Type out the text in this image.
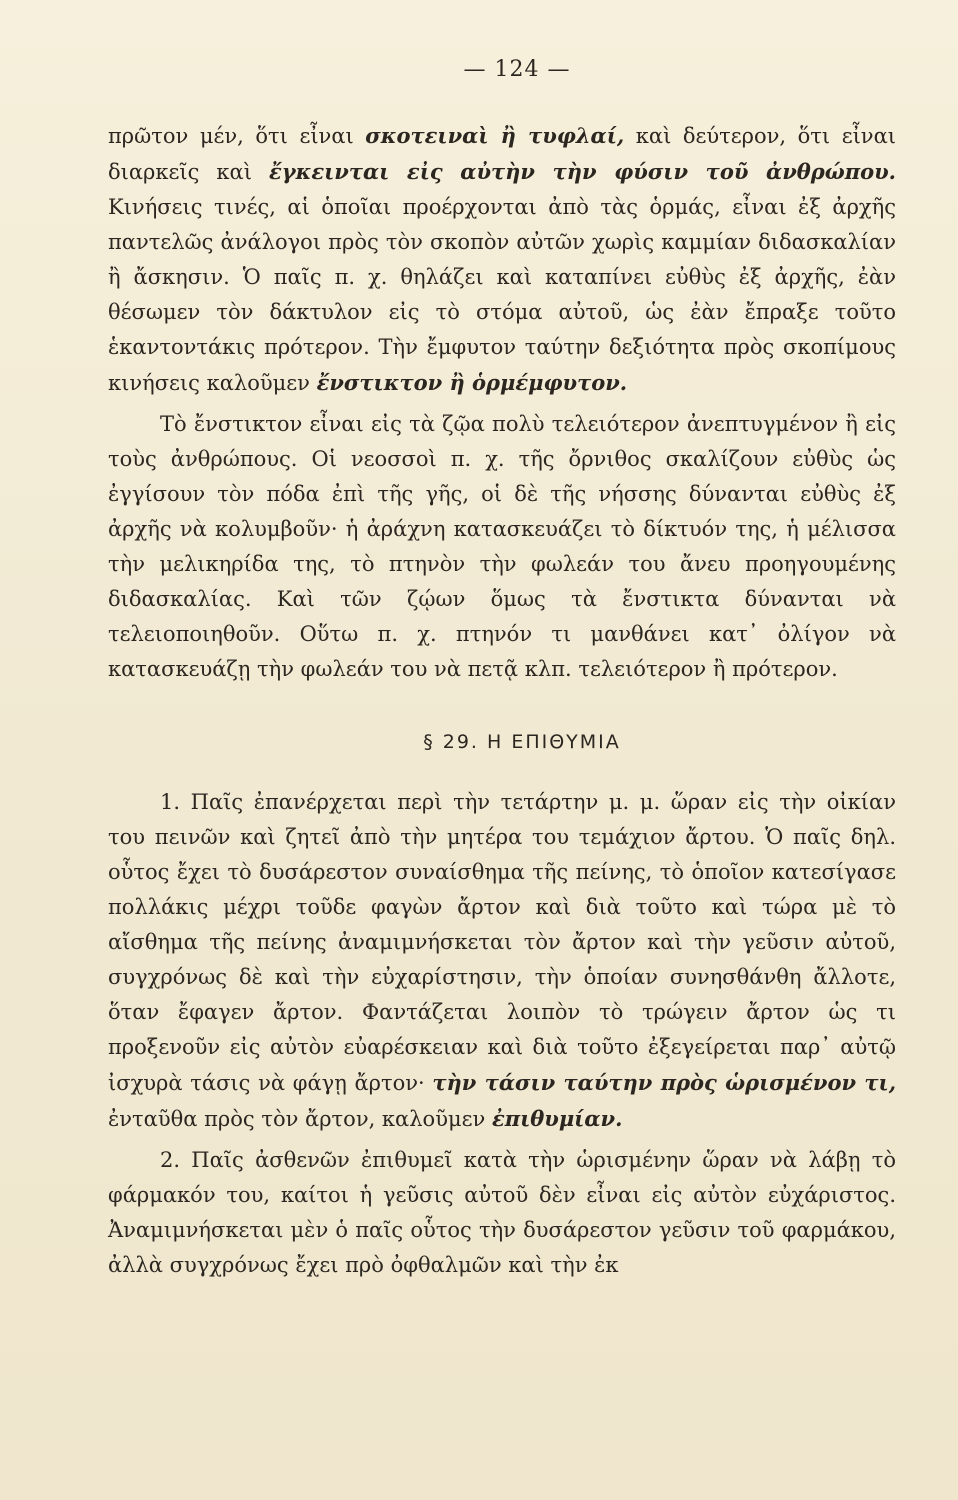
— 124 —

πρῶτον μέν, ὅτι εἶναι σκοτειναὶ ἢ τυφλαί, καὶ δεύτερον, ὅτι εἶναι διαρκεῖς καὶ ἔγκεινται εἰς αὐτὴν τὴν φύσιν τοῦ ἀνθρώπου. Κινήσεις τινές, αἱ ὁποῖαι προέρχονται ἀπὸ τὰς ὁρμάς, εἶναι ἐξ ἀρχῆς παντελῶς ἀνάλογοι πρὸς τὸν σκοπὸν αὐτῶν χωρὶς καμμίαν διδασκαλίαν ἢ ἄσκησιν. Ὁ παῖς π. χ. θηλάζει καὶ καταπίνει εὐθὺς ἐξ ἀρχῆς, ἐὰν θέσωμεν τὸν δάκτυλον εἰς τὸ στόμα αὐτοῦ, ὡς ἐὰν ἔπραξε τοῦτο ἑκαντοντάκις πρότερον. Τὴν ἔμφυτον ταύτην δεξιότητα πρὸς σκοπίμους κινήσεις καλοῦμεν ἔνστικτον ἢ ὁρμέμφυτον.

Τὸ ἔνστικτον εἶναι εἰς τὰ ζῷα πολὺ τελειότερον ἀνεπτυγμένον ἢ εἰς τοὺς ἀνθρώπους. Οἱ νεοσσοὶ π. χ. τῆς ὄρνιθος σκαλίζουν εὐθὺς ὡς ἐγγίσουν τὸν πόδα ἐπὶ τῆς γῆς, οἱ δὲ τῆς νήσσης δύνανται εὐθὺς ἐξ ἀρχῆς νὰ κολυμβοῦν· ἡ ἀράχνη κατασκευάζει τὸ δίκτυόν της, ἡ μέλισσα τὴν μελικηρίδα της, τὸ πτηνὸν τὴν φωλεάν του ἄνευ προηγουμένης διδασκαλίας. Καὶ τῶν ζῴων ὅμως τὰ ἔνστικτα δύνανται νὰ τελειοποιηθοῦν. Οὕτω π. χ. πτηνόν τι μανθάνει κατ᾿ ὀλίγον νὰ κατασκευάζῃ τὴν φωλεάν του νὰ πετᾷ κλπ. τελειότερον ἢ πρότερον.

§ 29. Η ΕΠΙΘΥΜΙΑ

1. Παῖς ἐπανέρχεται περὶ τὴν τετάρτην μ. μ. ὥραν εἰς τὴν οἰκίαν του πεινῶν καὶ ζητεῖ ἀπὸ τὴν μητέρα του τεμάχιον ἄρτου. Ὁ παῖς δηλ. οὗτος ἔχει τὸ δυσάρεστον συναίσθημα τῆς πείνης, τὸ ὁποῖον κατεσίγασε πολλάκις μέχρι τοῦδε φαγὼν ἄρτον καὶ διὰ τοῦτο καὶ τώρα μὲ τὸ αἴσθημα τῆς πείνης ἀναμιμνήσκεται τὸν ἄρτον καὶ τὴν γεῦσιν αὐτοῦ, συγχρόνως δὲ καὶ τὴν εὐχαρίστησιν, τὴν ὁποίαν συνησθάνθη ἄλλοτε, ὅταν ἔφαγεν ἄρτον. Φαντάζεται λοιπὸν τὸ τρώγειν ἄρτον ὡς τι προξενοῦν εἰς αὐτὸν εὐαρέσκειαν καὶ διὰ τοῦτο ἐξεγείρεται παρ᾿ αὐτῷ ἰσχυρὰ τάσις νὰ φάγῃ ἄρτον· τὴν τάσιν ταύτην πρὸς ὡρισμένον τι, ἐνταῦθα πρὸς τὸν ἄρτον, καλοῦμεν ἐπιθυμίαν.

2. Παῖς ἀσθενῶν ἐπιθυμεῖ κατὰ τὴν ὡρισμένην ὥραν νὰ λάβῃ τὸ φάρμακόν του, καίτοι ἡ γεῦσις αὐτοῦ δὲν εἶναι εἰς αὐτὸν εὐχάριστος. Ἀναμιμνήσκεται μὲν ὁ παῖς οὗτος τὴν δυσάρεστον γεῦσιν τοῦ φαρμάκου, ἀλλὰ συγχρόνως ἔχει πρὸ ὀφθαλμῶν καὶ τὴν ἐκ
